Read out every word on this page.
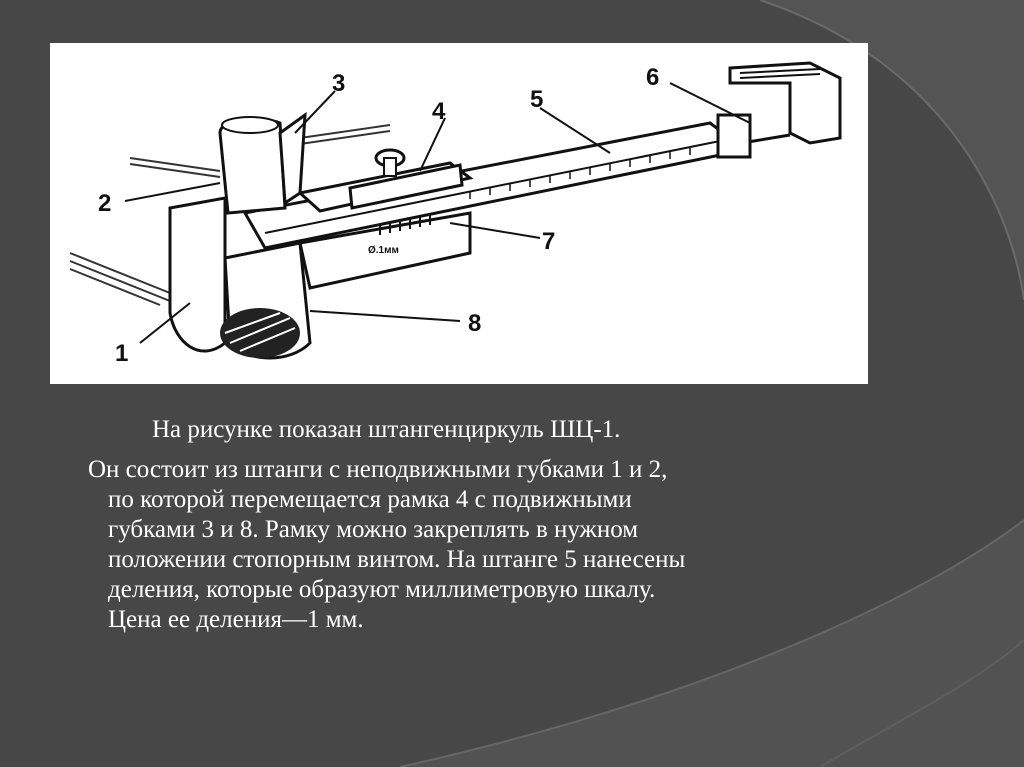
Ø.1мм
1
2
3
4	5
6
7
8
На рисунке показан штангенциркуль ШЦ-1.
Он состоит из штанги с неподвижными губками 1 и 2,
по которой перемещается рамка 4 с подвижными
губками 3 и 8. Рамку можно закреплять в нужном
положении стопорным винтом. На штанге 5 нанесены
деления, которые образуют миллиметровую шкалу.
Цена ее деления—1 мм.
